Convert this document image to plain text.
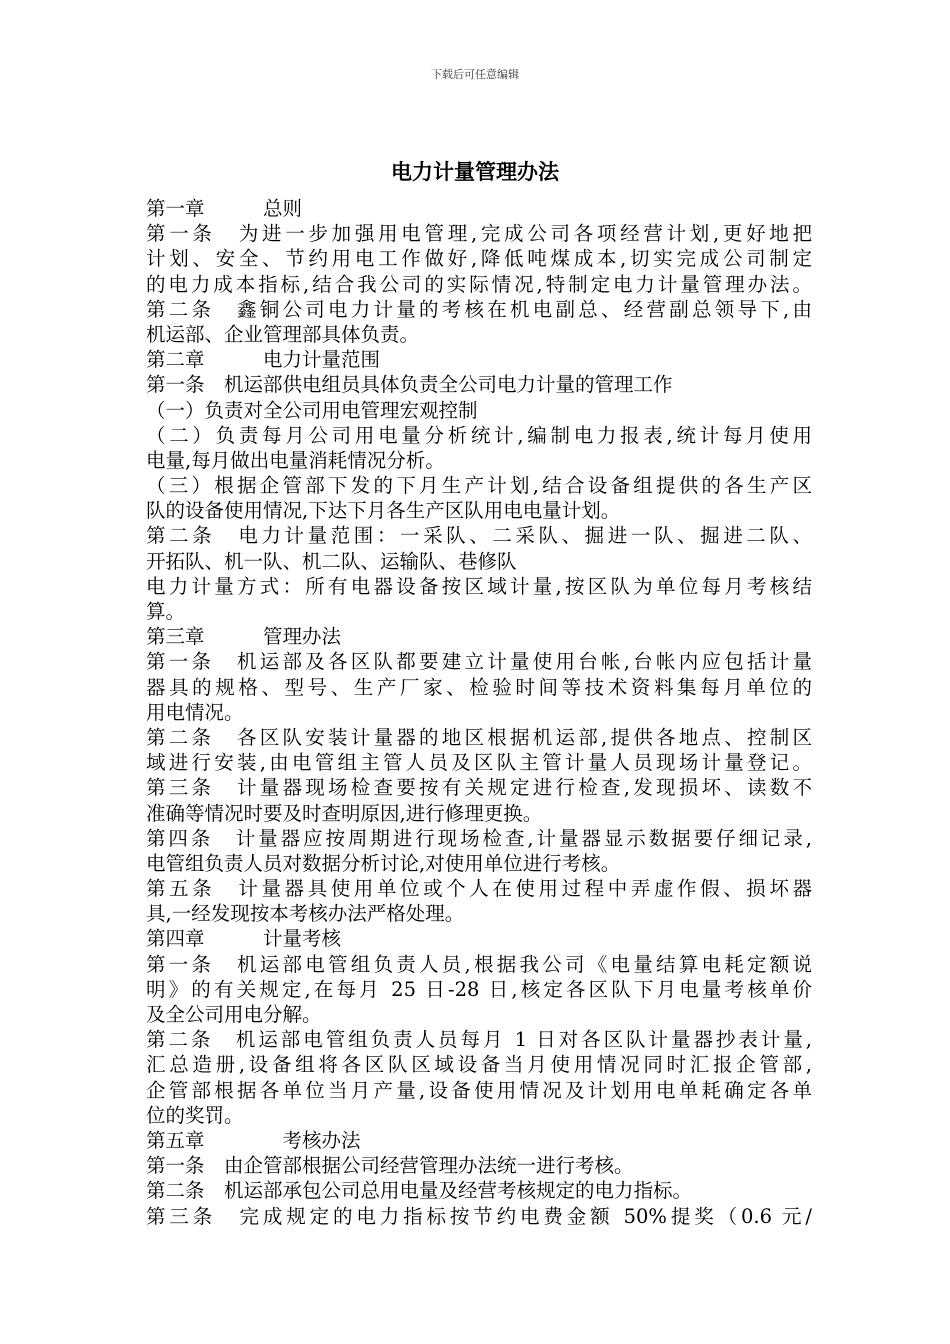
下载后可任意编辑
电力计量管理办法
第一章　　　总则
第一条　为进一步加强用电管理,完成公司各项经营计划,更好地把
计划、安全、节约用电工作做好,降低吨煤成本,切实完成公司制定
的电力成本指标,结合我公司的实际情况,特制定电力计量管理办法。
第二条　鑫铜公司电力计量的考核在机电副总、经营副总领导下,由
机运部、企业管理部具体负责。
第二章　　　电力计量范围
第一条　机运部供电组员具体负责全公司电力计量的管理工作
（一）负责对全公司用电管理宏观控制
（二）负责每月公司用电量分析统计,编制电力报表,统计每月使用
电量,每月做出电量消耗情况分析。
（三）根据企管部下发的下月生产计划,结合设备组提供的各生产区
队的设备使用情况,下达下月各生产区队用电电量计划。
第二条　电力计量范围：一采队、二采队、掘进一队、掘进二队、
开拓队、机一队、机二队、运输队、巷修队
电力计量方式：所有电器设备按区域计量,按区队为单位每月考核结
算。
第三章　　　管理办法
第一条　机运部及各区队都要建立计量使用台帐,台帐内应包括计量
器具的规格、型号、生产厂家、检验时间等技术资料集每月单位的
用电情况。
第二条　各区队安装计量器的地区根据机运部,提供各地点、控制区
域进行安装,由电管组主管人员及区队主管计量人员现场计量登记。
第三条　计量器现场检查要按有关规定进行检查,发现损坏、读数不
准确等情况时要及时查明原因,进行修理更换。
第四条　计量器应按周期进行现场检查,计量器显示数据要仔细记录,
电管组负责人员对数据分析讨论,对使用单位进行考核。
第五条　计量器具使用单位或个人在使用过程中弄虚作假、损坏器
具,一经发现按本考核办法严格处理。
第四章　　　计量考核
第一条　机运部电管组负责人员,根据我公司《电量结算电耗定额说
明》的有关规定,在每月 25 日-28 日,核定各区队下月电量考核单价
及全公司用电分解。
第二条　机运部电管组负责人员每月 1 日对各区队计量器抄表计量,
汇总造册,设备组将各区队区域设备当月使用情况同时汇报企管部,
企管部根据各单位当月产量,设备使用情况及计划用电单耗确定各单
位的奖罚。
第五章　　　　考核办法
第一条　由企管部根据公司经营管理办法统一进行考核。
第二条　机运部承包公司总用电量及经营考核规定的电力指标。
第三条　完成规定的电力指标按节约电费金额 50%提奖（0.6 元/
